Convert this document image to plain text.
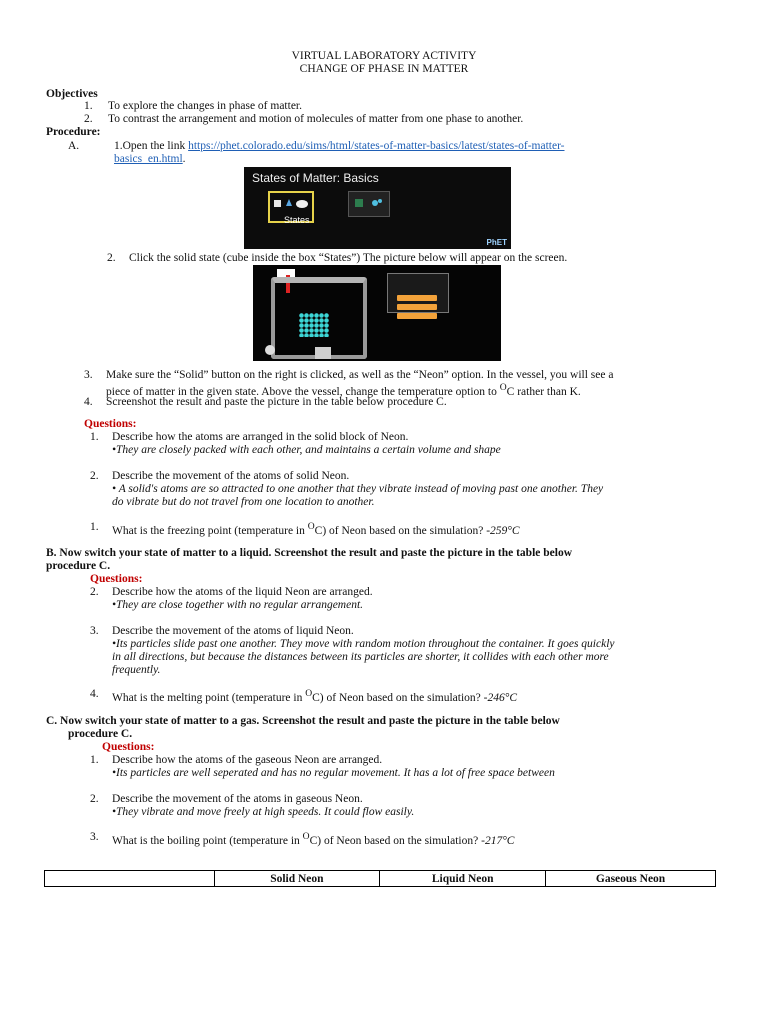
VIRTUAL LABORATORY ACTIVITY
CHANGE OF PHASE IN MATTER
Objectives
1. To explore the changes in phase of matter.
2. To contrast the arrangement and motion of molecules of matter from one phase to another.
Procedure:
A.	1.Open the link https://phet.colorado.edu/sims/html/states-of-matter-basics/latest/states-of-matter-
basics_en.html.
States of Matter: Basics
States
PhET
2. Click the solid state (cube inside the box “States”) The picture below will appear on the screen.
3. Make sure the “Solid” button on the right is clicked, as well as the “Neon” option. In the vessel, you will see a
piece of matter in the given state. Above the vessel, change the temperature option to $^O$C rather than K.
4. Screenshot the result and paste the picture in the table below procedure C.
Questions:
1. Describe how the atoms are arranged in the solid block of Neon.
•They are closely packed with each other, and maintains a certain volume and shape
2. Describe the movement of the atoms of solid Neon.
• A solid's atoms are so attracted to one another that they vibrate instead of moving past one another. They
do vibrate but do not travel from one location to another.
1. What is the freezing point (temperature in $^O$C) of Neon based on the simulation? -259°C
B. Now switch your state of matter to a liquid. Screenshot the result and paste the picture in the table below
procedure C.
Questions:
2. Describe how the atoms of the liquid Neon are arranged.
•They are close together with no regular arrangement.
3. Describe the movement of the atoms of liquid Neon.
•Its particles slide past one another. They move with random motion throughout the container. It goes quickly
in all directions, but because the distances between its particles are shorter, it collides with each other more
frequently.
4. What is the melting point (temperature in $^O$C) of Neon based on the simulation? -246°C
C. Now switch your state of matter to a gas. Screenshot the result and paste the picture in the table below
procedure C.
Questions:
1. Describe how the atoms of the gaseous Neon are arranged.
•Its particles are well seperated and has no regular movement. It has a lot of free space between
2. Describe the movement of the atoms in gaseous Neon.
•They vibrate and move freely at high speeds. It could flow easily.
3. What is the boiling point (temperature in $^O$C) of Neon based on the simulation? -217°C
	Solid Neon	Liquid Neon	Gaseous Neon
